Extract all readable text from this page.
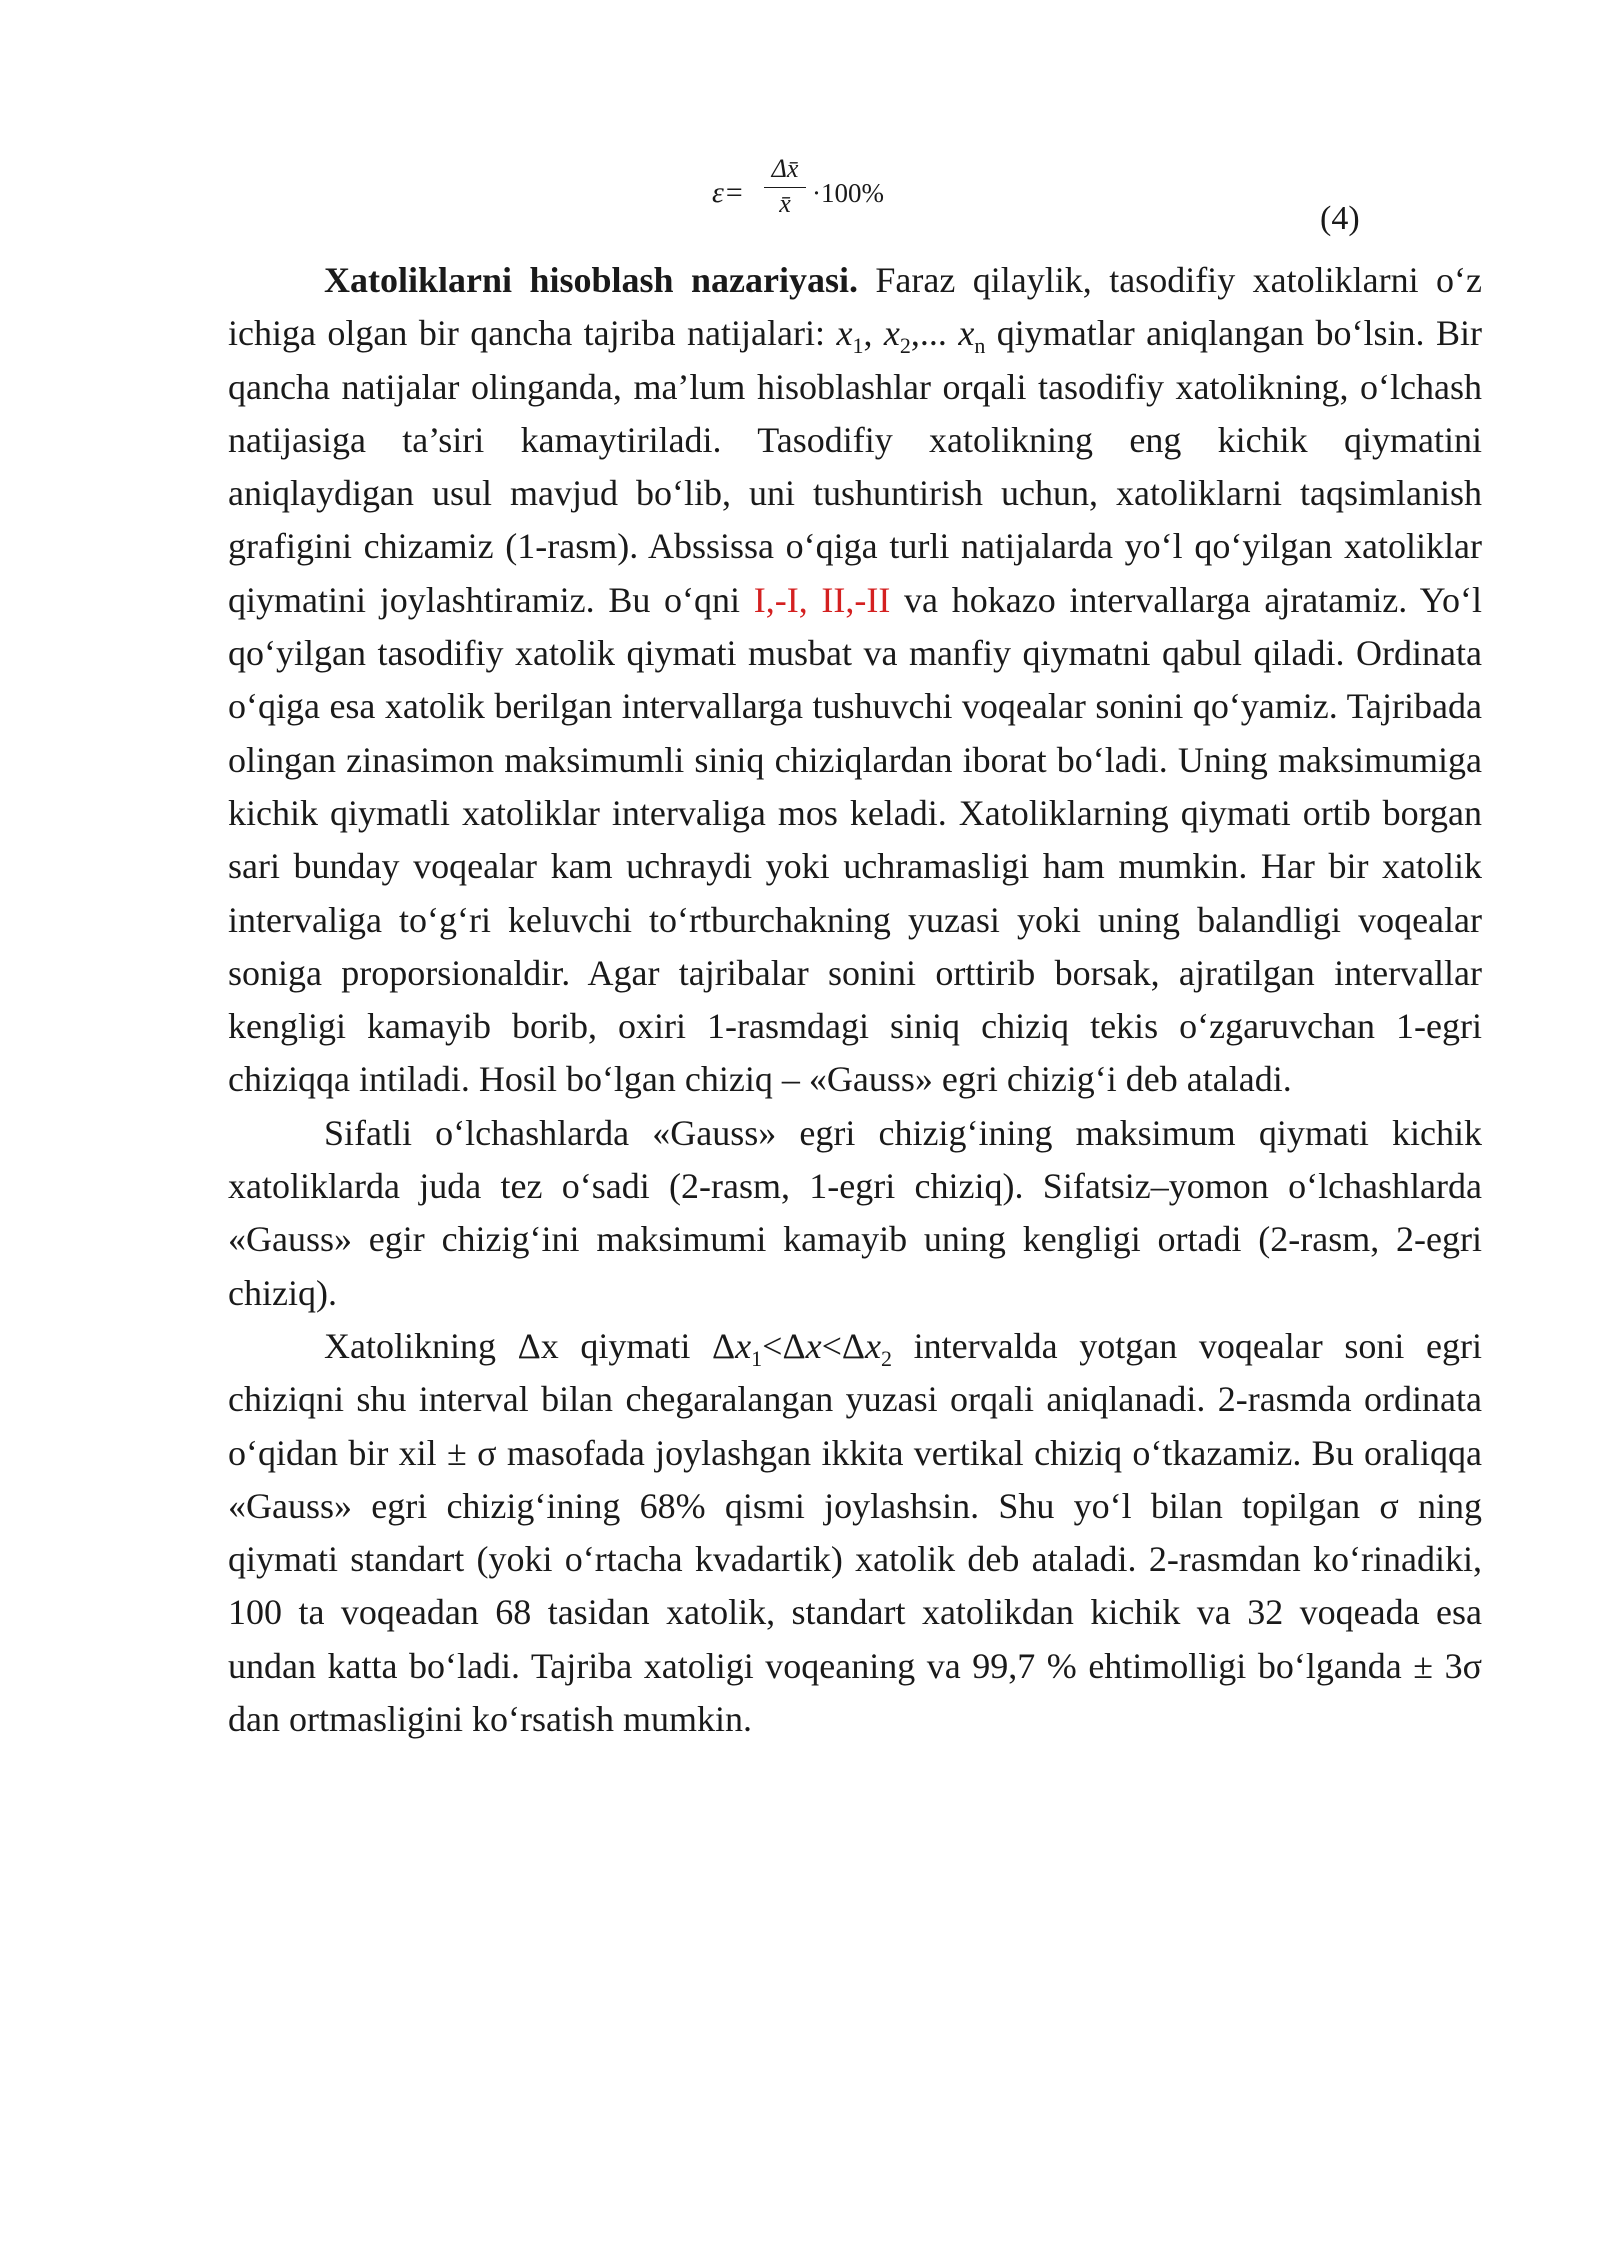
ε=
Δx̄
x̄ ·100%
(4)

Xatoliklarni hisoblash nazariyasi. Faraz qilaylik, tasodifiy xatoliklarni o‘z ichiga olgan bir qancha tajriba natijalari: $x_1$, $x_2$,... $x_n$ qiymatlar aniqlangan bo‘lsin. Bir qancha natijalar olinganda, ma’lum hisoblashlar orqali tasodifiy xatolikning, o‘lchash natijasiga ta’siri kamaytiriladi. Tasodifiy xatolikning eng kichik qiymatini aniqlaydigan usul mavjud bo‘lib, uni tushuntirish uchun, xatoliklarni taqsimlanish grafigini chizamiz (1-rasm). Abssissa o‘qiga turli natijalarda yo‘l qo‘yilgan xatoliklar qiymatini joylashtiramiz. Bu o‘qni I,-I, II,-II va hokazo intervallarga ajratamiz. Yo‘l qo‘yilgan tasodifiy xatolik qiymati musbat va manfiy qiymatni qabul qiladi. Ordinata o‘qiga esa xatolik berilgan intervallarga tushuvchi voqealar sonini qo‘yamiz. Tajribada olingan zinasimon maksimumli siniq chiziqlardan iborat bo‘ladi. Uning maksimumiga kichik qiymatli xatoliklar intervaliga mos keladi. Xatoliklarning qiymati ortib borgan sari bunday voqealar kam uchraydi yoki uchramasligi ham mumkin. Har bir xatolik intervaliga to‘g‘ri keluvchi to‘rtburchakning yuzasi yoki uning balandligi voqealar soniga proporsionaldir. Agar tajribalar sonini orttirib borsak, ajratilgan intervallar kengligi kamayib borib, oxiri 1-rasmdagi siniq chiziq tekis o‘zgaruvchan 1-egri chiziqqa intiladi. Hosil bo‘lgan chiziq – «Gauss» egri chizig‘i deb ataladi.

Sifatli o‘lchashlarda «Gauss» egri chizig‘ining maksimum qiymati kichik xatoliklarda juda tez o‘sadi (2-rasm, 1-egri chiziq). Sifatsiz–yomon o‘lchashlarda «Gauss» egir chizig‘ini maksimumi kamayib uning kengligi ortadi (2-rasm, 2-egri chiziq).

Xatolikning Δx qiymati $\Delta x_1<\Delta x<\Delta x_2$ intervalda yotgan voqealar soni egri chiziqni shu interval bilan chegaralangan yuzasi orqali aniqlanadi. 2-rasmda ordinata o‘qidan bir xil ± σ masofada joylashgan ikkita vertikal chiziq o‘tkazamiz. Bu oraliqqa «Gauss» egri chizig‘ining 68% qismi joylashsin. Shu yo‘l bilan topilgan σ ning qiymati standart (yoki o‘rtacha kvadartik) xatolik deb ataladi. 2-rasmdan ko‘rinadiki, 100 ta voqeadan 68 tasidan xatolik, standart xatolikdan kichik va 32 voqeada esa undan katta bo‘ladi. Tajriba xatoligi voqeaning va 99,7 % ehtimolligi bo‘lganda ± 3σ dan ortmasligini ko‘rsatish mumkin.
